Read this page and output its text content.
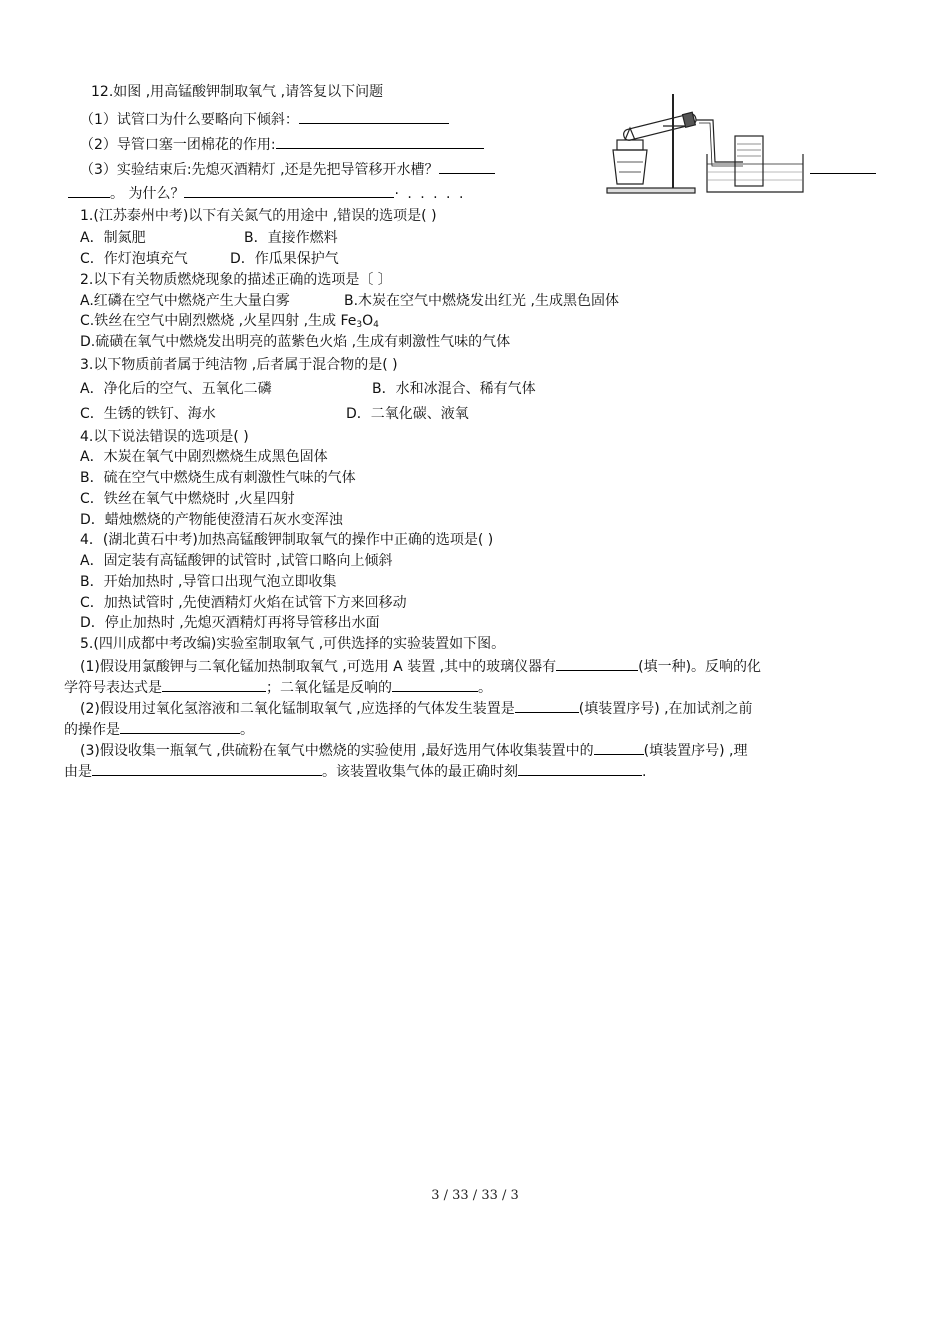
12.如图 ,用高锰酸钾制取氧气 ,请答复以下问题
（1）试管口为什么要略向下倾斜：
（2）导管口塞一团棉花的作用:
（3）实验结束后:先熄灭酒精灯 ,还是先把导管移开水槽？
。 为什么？	· . . . . .
1.(江苏泰州中考)以下有关氮气的用途中 ,错误的选项是( )
A．制氮肥	B．直接作燃料
C．作灯泡填充气	D．作瓜果保护气
2.以下有关物质燃烧现象的描述正确的选项是〔 〕
A.红磷在空气中燃烧产生大量白雾	B.木炭在空气中燃烧发出红光 ,生成黑色固体
C.铁丝在空气中剧烈燃烧 ,火星四射 ,生成 $Fe_3O_4$
D.硫磺在氧气中燃烧发出明亮的蓝紫色火焰 ,生成有刺激性气味的气体
3.以下物质前者属于纯洁物 ,后者属于混合物的是( )
A．净化后的空气、五氧化二磷	B．水和冰混合、稀有气体
C．生锈的铁钉、海水	D．二氧化碳、液氧
4.以下说法错误的选项是( )
A．木炭在氧气中剧烈燃烧生成黑色固体
B．硫在空气中燃烧生成有刺激性气味的气体
C．铁丝在氧气中燃烧时 ,火星四射
D．蜡烛燃烧的产物能使澄清石灰水变浑浊
4．(湖北黄石中考)加热高锰酸钾制取氧气的操作中正确的选项是( )
A．固定装有高锰酸钾的试管时 ,试管口略向上倾斜
B．开始加热时 ,导管口出现气泡立即收集
C．加热试管时 ,先使酒精灯火焰在试管下方来回移动
D．停止加热时 ,先熄灭酒精灯再将导管移出水面
5.(四川成都中考改编)实验室制取氧气 ,可供选择的实验装置如下图。
(1)假设用氯酸钾与二氧化锰加热制取氧气 ,可选用 A 装置 ,其中的玻璃仪器有	(填一种)。反响的化
学符号表达式是	；二氧化锰是反响的	。
(2)假设用过氧化氢溶液和二氧化锰制取氧气 ,应选择的气体发生装置是	(填装置序号) ,在加试剂之前
的操作是	。
(3)假设收集一瓶氧气 ,供硫粉在氧气中燃烧的实验使用 ,最好选用气体收集装置中的	(填装置序号) ,理
由是	。该装置收集气体的最正确时刻	.
3 / 33 / 33 / 3
